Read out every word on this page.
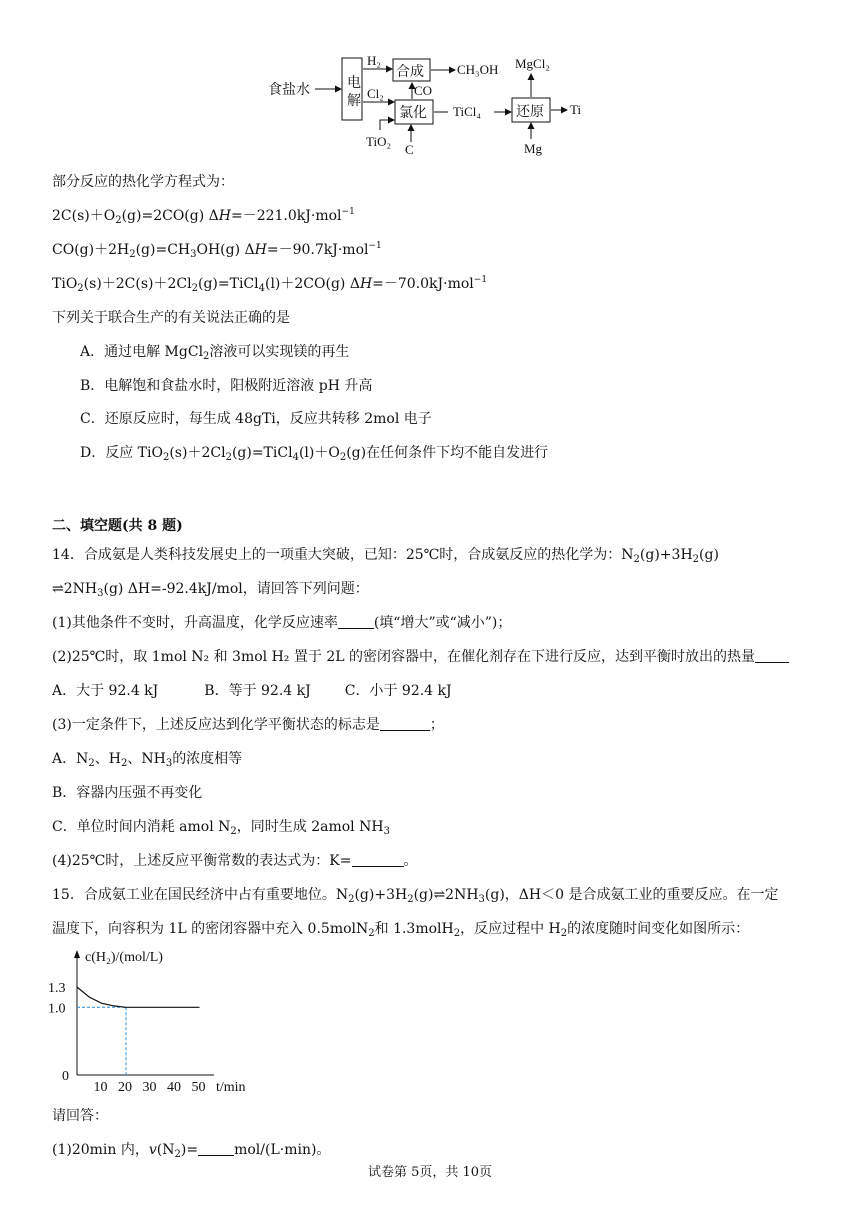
食盐水	电
解
H₂
Cl₂
合成	CH₃OH
CO
氯化 TiCl₄
TiO₂
C
还原
MgCl₂
Ti
Mg
部分反应的热化学方程式为：
$2C(s)+O_2(g)=2CO(g)$ ΔH=－221.0kJ·mol$^{-1}$
$CO(g)+2H_2(g)=CH_3OH(g)$ ΔH=－90.7kJ·mol$^{-1}$
$TiO_2(s)+2C(s)+2Cl_2(g)=TiCl_4(l)+2CO(g)$ ΔH=－70.0kJ·mol$^{-1}$
下列关于联合生产的有关说法正确的是
A．通过电解 MgCl$_2$溶液可以实现镁的再生
B．电解饱和食盐水时，阳极附近溶液 pH 升高
C．还原反应时，每生成 48gTi，反应共转移 2mol 电子
D．反应 $TiO_2(s)+2Cl_2(g)=TiCl_4(l)+O_2(g)$在任何条件下均不能自发进行
二、填空题(共 8 题)
14．合成氨是人类科技发展史上的一项重大突破，已知：25℃时，合成氨反应的热化学为：$N_2(g)+3H_2(g)$
$\rightleftharpoons 2NH_3(g)$ ΔH=-92.4kJ/mol，请回答下列问题：
(1)其他条件不变时，升高温度，化学反应速率	(填“增大”或“减小”)；
(2)25℃时，取 1mol N₂ 和 3mol H₂ 置于 2L 的密闭容器中，在催化剂存在下进行反应，达到平衡时放出的热量
A．大于 92.4 kJ	B．等于 92.4 kJ C．小于 92.4 kJ
(3)一定条件下，上述反应达到化学平衡状态的标志是	；
A．$N_2$、$H_2$、$NH_3$的浓度相等
B．容器内压强不再变化
C．单位时间内消耗 amol $N_2$，同时生成 2amol $NH_3$
(4)25℃时，上述反应平衡常数的表达式为：K=	。
15．合成氨工业在国民经济中占有重要地位。$N_2(g)+3H_2(g)\rightleftharpoons 2NH_3(g)$，ΔH＜0 是合成氨工业的重要反应。在一定
温度下，向容积为 1L 的密闭容器中充入 0.5molN$_2$和 1.3molH$_2$，反应过程中 $H_2$的浓度随时间变化如图所示：
10 20 30 40 50
1.3
1.0
c(H₂)/(mol/L)
t/min
0
请回答：
(1)20min 内，$v(N_2)=$	mol/(L·min)。
试卷第 5页，共 10页
